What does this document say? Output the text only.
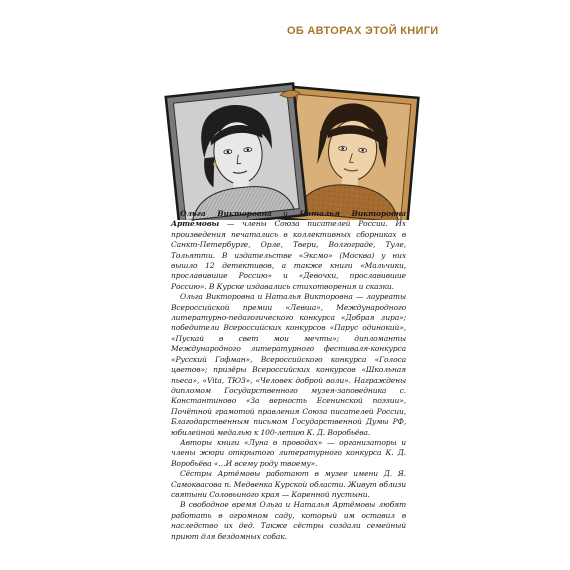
ОБ АВТОРАХ ЭТОЙ КНИГИ

Ольга Викторовна и Наталья Викторовна Артёмовы — члены Союза писателей России. Их произведения печатались в коллективных сборниках в Санкт-Петербурге, Орле, Твери, Волгограде, Туле, Тольятти. В издательстве «Эксмо» (Москва) у них вышло 12 детективов, а также книги «Мальчики, прославившие Россию» и «Девочки, прославившие Россию». В Курске издавались стихотворения и сказки.

Ольга Викторовна и Наталья Викторовна — лауреаты Всероссийской премии «Левша», Международного литературно-педагогического конкурса «Добрая лира»; победители Всероссийских конкурсов «Парус одинокий», «Пускай в свет мои мечты»; дипломанты Международного литературного фестиваля-конкурса «Русский Гофман», Всероссийского конкурса «Голоса цветов»; призёры Всероссийских конкурсов «Школьная пьеса», «Vita, ТЮЗ», «Человек доброй воли». Награждены дипломом Государственного музея-заповедника с. Константиново «За верность Есенинской поэзии», Почётной грамотой правления Союза писателей России, Благодарственным письмом Государственной Думы РФ, юбилейной медалью к 100-летию К. Д. Воробьёва.

Авторы книги «Луна в проводах» — организаторы и члены жюри открытого литературного конкурса К. Д. Воробьёва «…И всему роду твоему».

Сёстры Артёмовы работают в музее имени Д. Я. Самоквасова п. Медвенка Курской области. Живут вблизи святыни Соловьиного края — Коренной пустыни.

В свободное время Ольга и Наталья Артёмовы любят работать в огромном саду, который им оставил в наследство их дед. Также сёстры создали семейный приют для бездомных собак.
